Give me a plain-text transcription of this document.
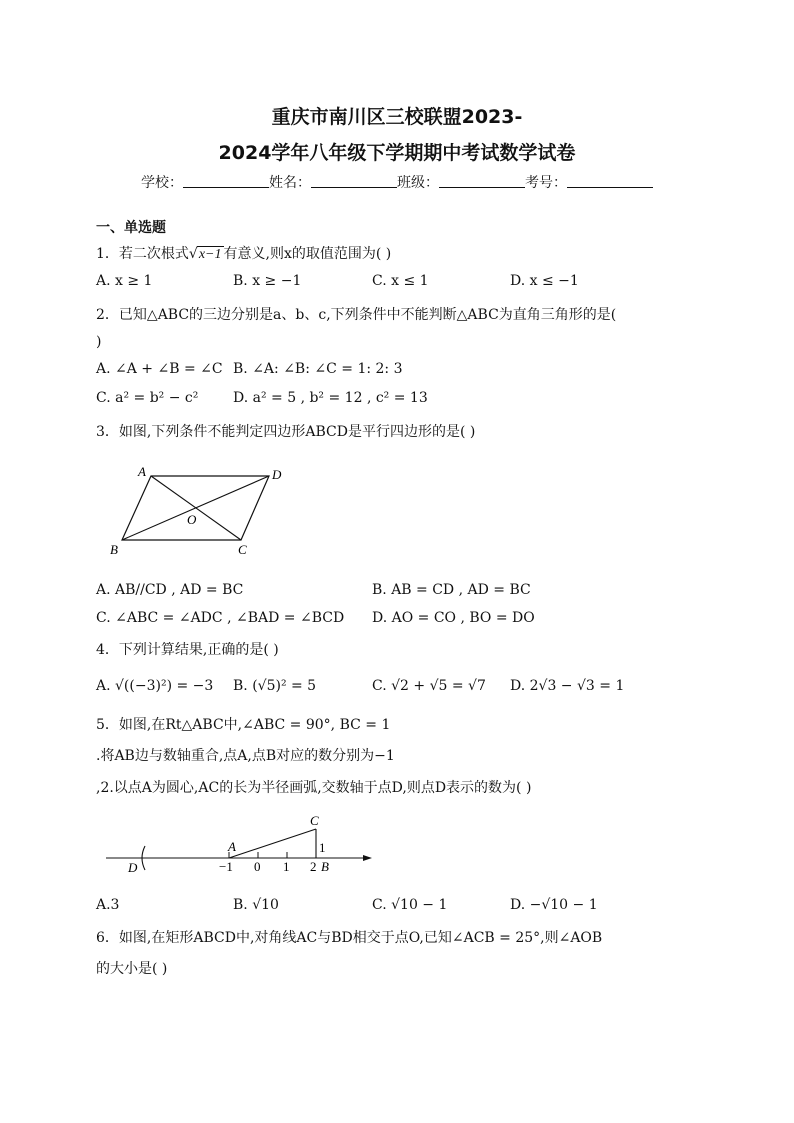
重庆市南川区三校联盟2023-
2024学年八年级下学期期中考试数学试卷
学校：	姓名：	班级：	考号：
一、单选题
1．若二次根式√x−1 有意义,则x的取值范围为( )
A. x ≥ 1	B. x ≥ −1	C. x ≤ 1	D. x ≤ −1
2．已知△ABC的三边分别是a、b、c,下列条件中不能判断△ABC为直角三角形的是(
)
A. ∠A + ∠B = ∠C B. ∠A: ∠B: ∠C = 1: 2: 3
C. a² = b² − c² D. a² = 5 , b² = 12 , c² = 13
3．如图,下列条件不能判定四边形ABCD是平行四边形的是( )
A	D
O
B	C
A. AB//CD , AD = BC	B. AB = CD , AD = BC
C. ∠ABC = ∠ADC , ∠BAD = ∠BCD D. AO = CO , BO = DO
4．下列计算结果,正确的是( )
A. √((−3)²) = −3 B. (√5)² = 5	C. √2 + √5 = √7 D. 2√3 − √3 = 1
5．如图,在Rt△ABC中,∠ABC = 90°, BC = 1
.将AB边与数轴重合,点A,点B对应的数分别为−1
,2.以点A为圆心,AC的长为半径画弧,交数轴于点D,则点D表示的数为( )
C
A	1
D	−1 0 1 2 B
A.3	B. √10	C. √10 − 1	D. −√10 − 1
6．如图,在矩形ABCD中,对角线AC与BD相交于点O,已知∠ACB = 25°,则∠AOB
的大小是( )
